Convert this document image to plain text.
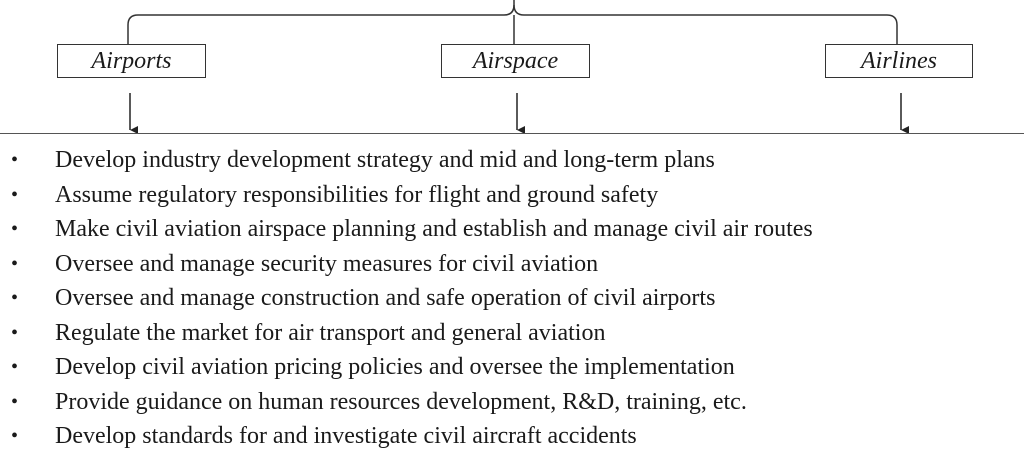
Airports	Airspace	Airlines
• Develop industry development strategy and mid and long-term plans
• Assume regulatory responsibilities for flight and ground safety
• Make civil aviation airspace planning and establish and manage civil air routes
• Oversee and manage security measures for civil aviation
• Oversee and manage construction and safe operation of civil airports
• Regulate the market for air transport and general aviation
• Develop civil aviation pricing policies and oversee the implementation
• Provide guidance on human resources development, R&D, training, etc.
• Develop standards for and investigate civil aircraft accidents
